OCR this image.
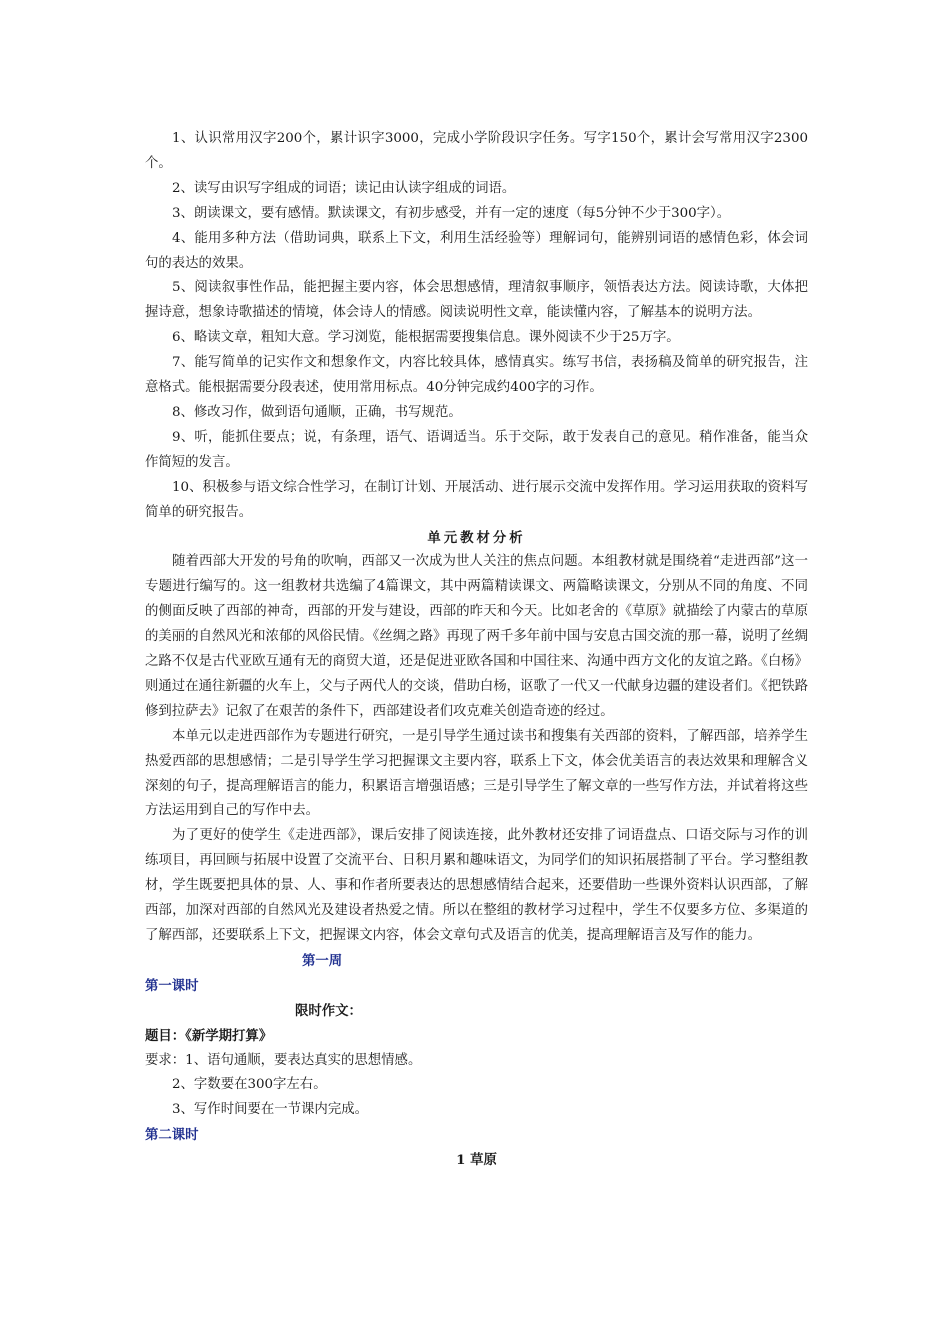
1、认识常用汉字200个，累计识字3000，完成小学阶段识字任务。写字150个，累计会写常用汉字2300个。

2、读写由识写字组成的词语；读记由认读字组成的词语。

3、朗读课文，要有感情。默读课文，有初步感受，并有一定的速度（每5分钟不少于300字）。

4、能用多种方法（借助词典，联系上下文，利用生活经验等）理解词句，能辨别词语的感情色彩，体会词句的表达的效果。

5、阅读叙事性作品，能把握主要内容，体会思想感情，理清叙事顺序，领悟表达方法。阅读诗歌，大体把握诗意，想象诗歌描述的情境，体会诗人的情感。阅读说明性文章，能读懂内容，了解基本的说明方法。

6、略读文章，粗知大意。学习浏览，能根据需要搜集信息。课外阅读不少于25万字。

7、能写简单的记实作文和想象作文，内容比较具体，感情真实。练写书信，表扬稿及简单的研究报告，注意格式。能根据需要分段表述，使用常用标点。40分钟完成约400字的习作。

8、修改习作，做到语句通顺，正确，书写规范。

9、听，能抓住要点；说，有条理，语气、语调适当。乐于交际，敢于发表自己的意见。稍作准备，能当众作简短的发言。

10、积极参与语文综合性学习，在制订计划、开展活动、进行展示交流中发挥作用。学习运用获取的资料写简单的研究报告。

单元教材分析

随着西部大开发的号角的吹响，西部又一次成为世人关注的焦点问题。本组教材就是围绕着“走进西部”这一专题进行编写的。这一组教材共选编了4篇课文，其中两篇精读课文、两篇略读课文，分别从不同的角度、不同的侧面反映了西部的神奇，西部的开发与建设，西部的昨天和今天。比如老舍的《草原》就描绘了内蒙古的草原的美丽的自然风光和浓郁的风俗民情。《丝绸之路》再现了两千多年前中国与安息古国交流的那一幕，说明了丝绸之路不仅是古代亚欧互通有无的商贸大道，还是促进亚欧各国和中国往来、沟通中西方文化的友谊之路。《白杨》则通过在通往新疆的火车上，父与子两代人的交谈，借助白杨，讴歌了一代又一代献身边疆的建设者们。《把铁路修到拉萨去》记叙了在艰苦的条件下，西部建设者们攻克难关创造奇迹的经过。

本单元以走进西部作为专题进行研究，一是引导学生通过读书和搜集有关西部的资料，了解西部，培养学生热爱西部的思想感情；二是引导学生学习把握课文主要内容，联系上下文，体会优美语言的表达效果和理解含义深刻的句子，提高理解语言的能力，积累语言增强语感；三是引导学生了解文章的一些写作方法，并试着将这些方法运用到自己的写作中去。

为了更好的使学生《走进西部》，课后安排了阅读连接，此外教材还安排了词语盘点、口语交际与习作的训练项目，再回顾与拓展中设置了交流平台、日积月累和趣味语文，为同学们的知识拓展搭制了平台。学习整组教材，学生既要把具体的景、人、事和作者所要表达的思想感情结合起来，还要借助一些课外资料认识西部，了解西部，加深对西部的自然风光及建设者热爱之情。所以在整组的教材学习过程中，学生不仅要多方位、多渠道的了解西部，还要联系上下文，把握课文内容，体会文章句式及语言的优美，提高理解语言及写作的能力。

第一周

第一课时

限时作文：

题目：《新学期打算》

要求：1、语句通顺，要表达真实的思想情感。

2、字数要在300字左右。

3、写作时间要在一节课内完成。

第二课时

1 草原
